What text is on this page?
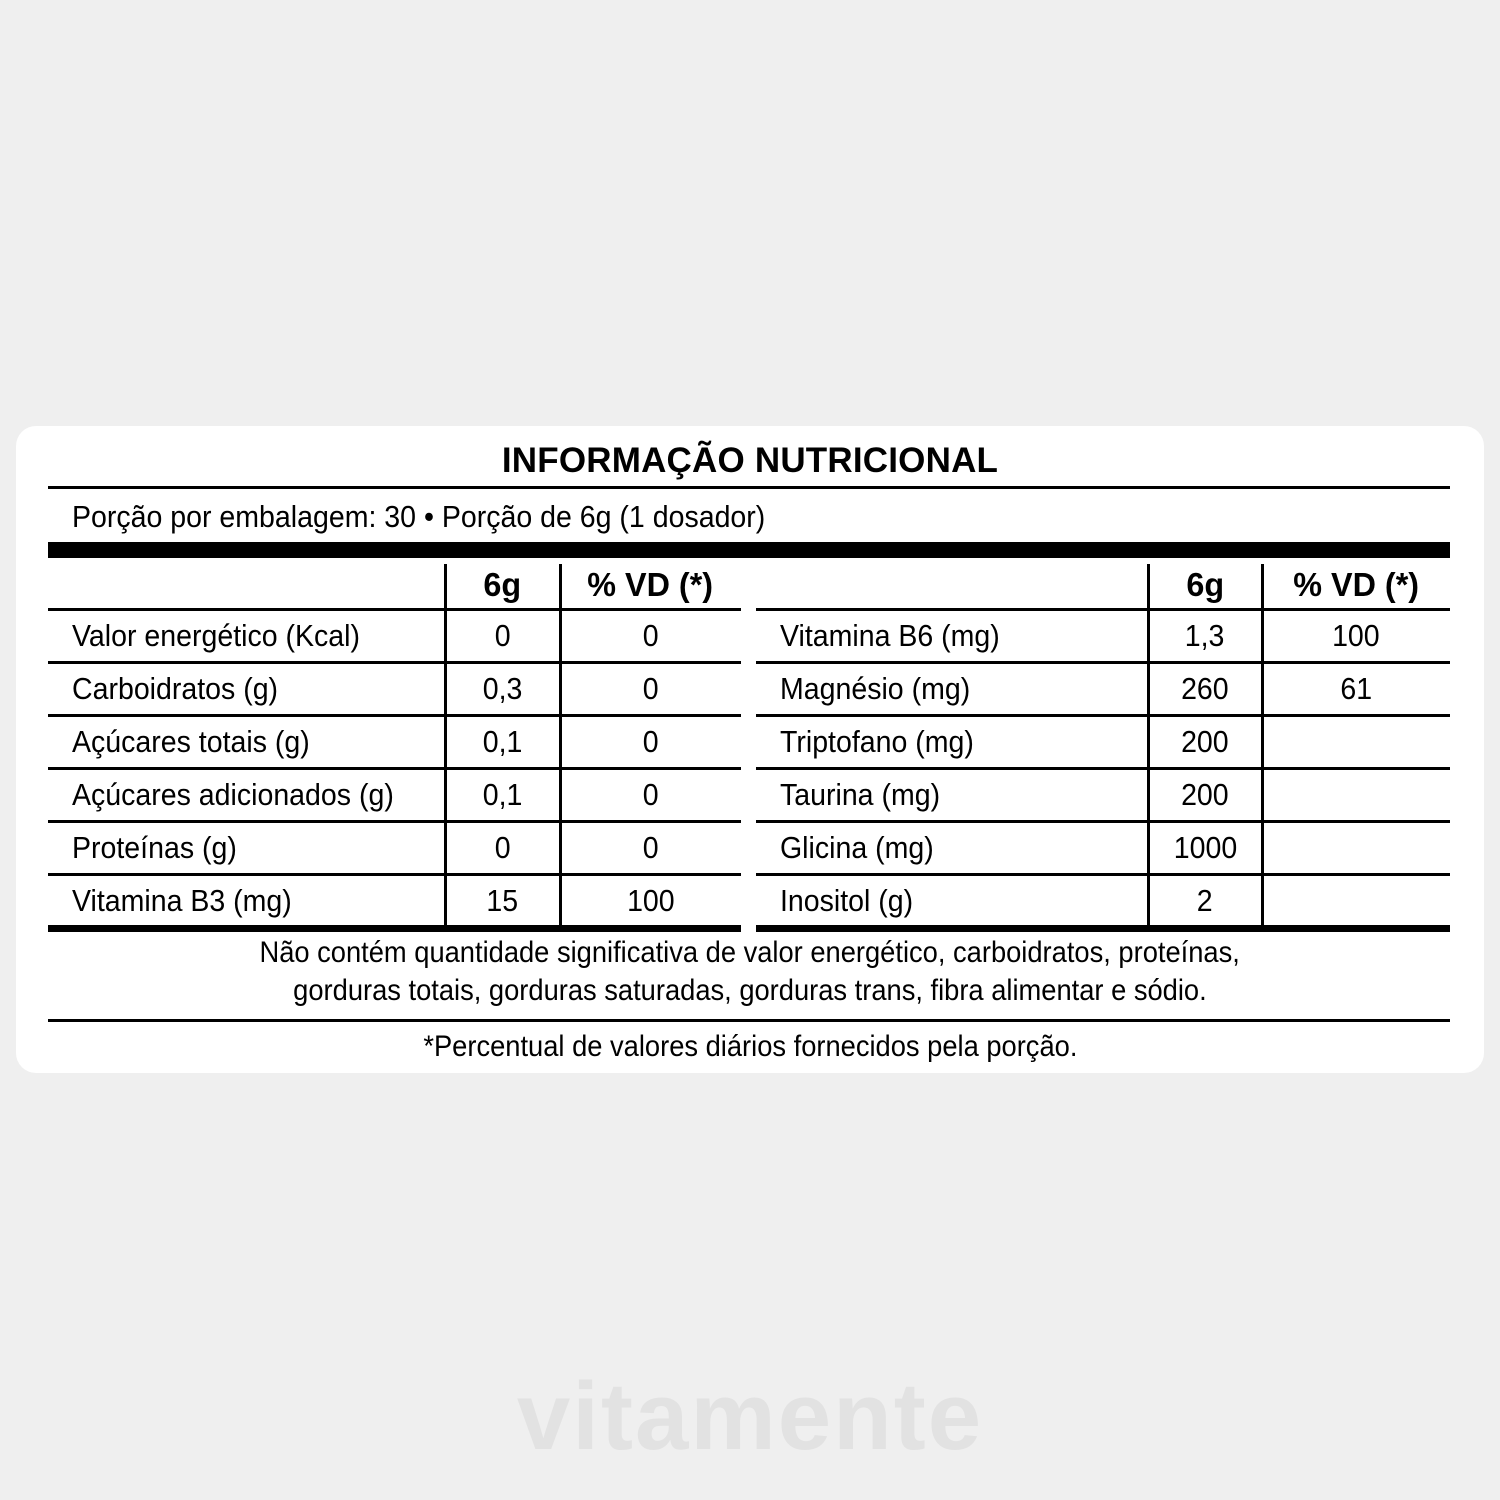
INFORMAÇÃO NUTRICIONAL
Porção por embalagem: 30 • Porção de 6g (1 dosador)
6g % VD (*)
Valor energético (Kcal)	0	0
Carboidratos (g)	0,3	0
Açúcares totais (g)	0,1	0
Açúcares adicionados (g)	0,1	0
Proteínas (g)	0	0
Vitamina B3 (mg)	15	100
6g % VD (*)
Vitamina B6 (mg)	1,3	100
Magnésio (mg)	260	61
Triptofano (mg)	200
Taurina (mg)	200
Glicina (mg)	1000
Inositol (g)	2
Não contém quantidade significativa de valor energético, carboidratos, proteínas,
gorduras totais, gorduras saturadas, gorduras trans, fibra alimentar e sódio.
*Percentual de valores diários fornecidos pela porção.
vitamente
